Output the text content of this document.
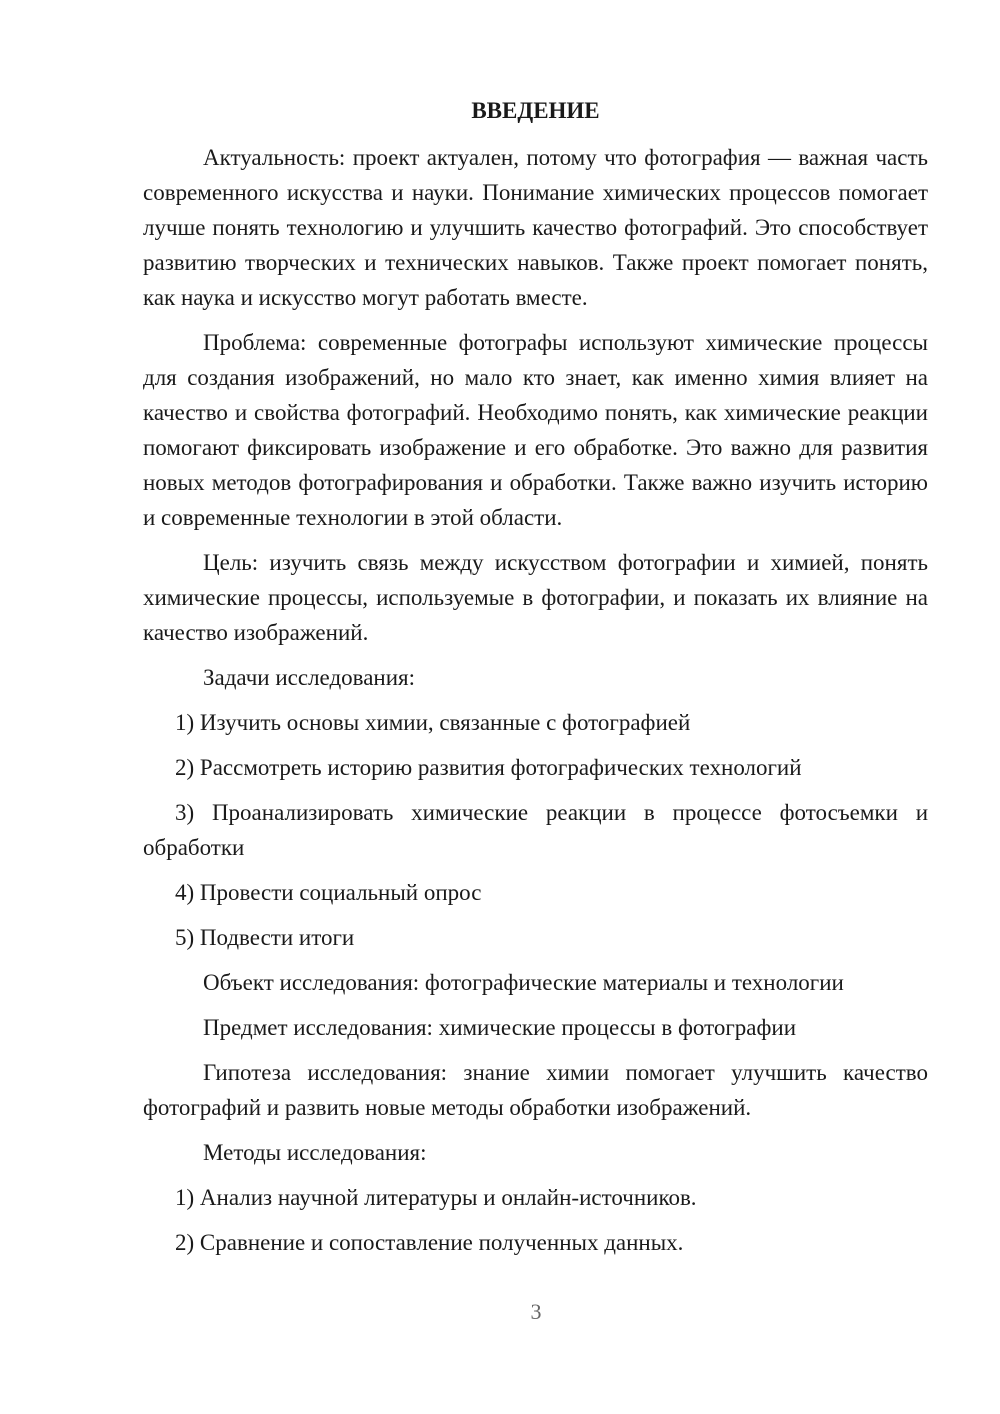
ВВЕДЕНИЕ

Актуальность: проект актуален, потому что фотография — важная часть современного искусства и науки. Понимание химических процессов помогает лучше понять технологию и улучшить качество фотографий. Это способствует развитию творческих и технических навыков. Также проект помогает понять, как наука и искусство могут работать вместе.

Проблема: современные фотографы используют химические процессы для создания изображений, но мало кто знает, как именно химия влияет на качество и свойства фотографий. Необходимо понять, как химические реакции помогают фиксировать изображение и его обработке. Это важно для развития новых методов фотографирования и обработки. Также важно изучить историю и современные технологии в этой области.

Цель: изучить связь между искусством фотографии и химией, понять химические процессы, используемые в фотографии, и показать их влияние на качество изображений.

Задачи исследования:

1) Изучить основы химии, связанные с фотографией

2) Рассмотреть историю развития фотографических технологий

3) Проанализировать химические реакции в процессе фотосъемки и обработки

4) Провести социальный опрос

5) Подвести итоги

Объект исследования: фотографические материалы и технологии

Предмет исследования: химические процессы в фотографии

Гипотеза исследования: знание химии помогает улучшить качество фотографий и развить новые методы обработки изображений.

Методы исследования:

1) Анализ научной литературы и онлайн-источников.

2) Сравнение и сопоставление полученных данных.

3
